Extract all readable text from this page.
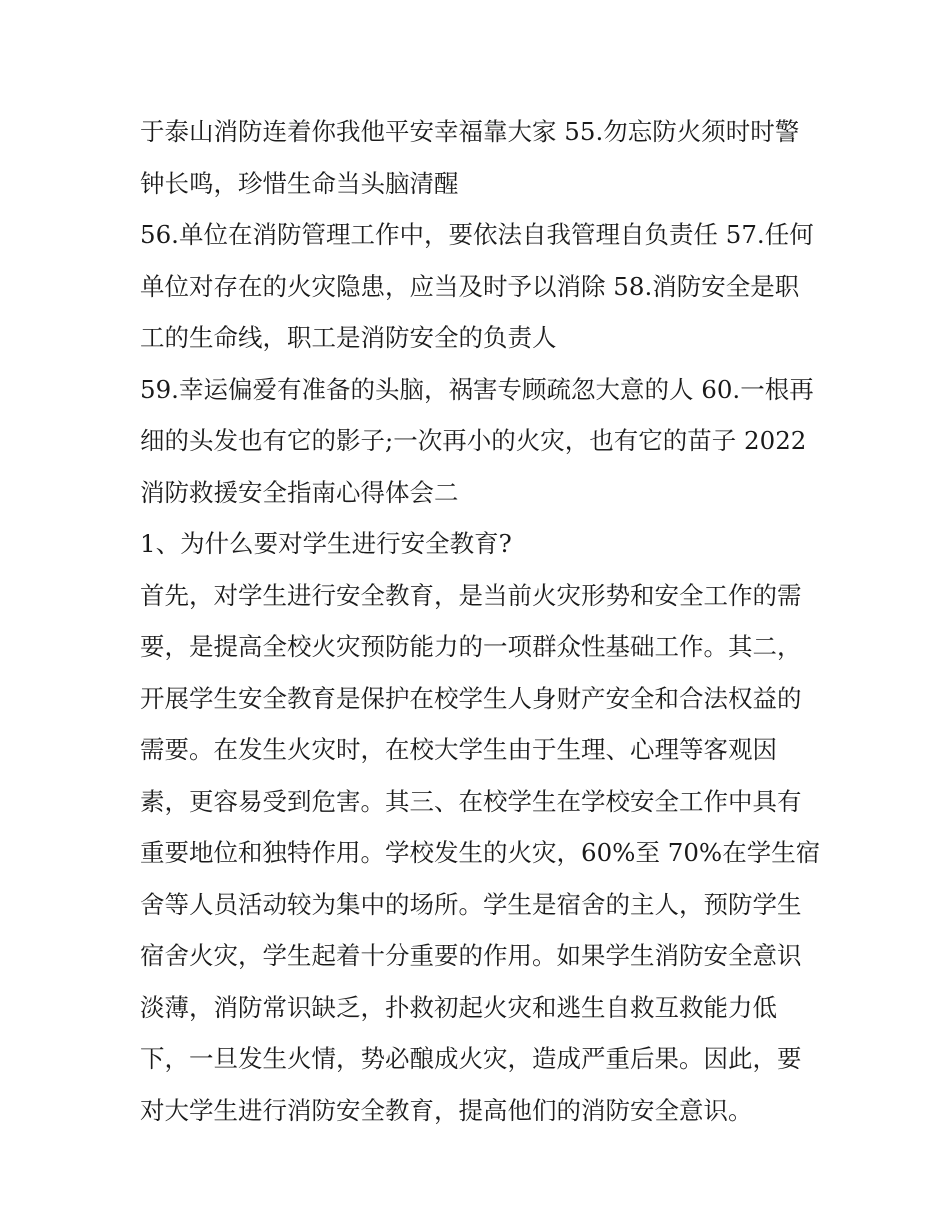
于泰山消防连着你我他平安幸福靠大家 55.勿忘防火须时时警
钟长鸣，珍惜生命当头脑清醒
56.单位在消防管理工作中，要依法自我管理自负责任 57.任何
单位对存在的火灾隐患，应当及时予以消除 58.消防安全是职
工的生命线，职工是消防安全的负责人
59.幸运偏爱有准备的头脑，祸害专顾疏忽大意的人 60.一根再
细的头发也有它的影子;一次再小的火灾，也有它的苗子 2022
消防救援安全指南心得体会二
1、为什么要对学生进行安全教育?
首先，对学生进行安全教育，是当前火灾形势和安全工作的需
要，是提高全校火灾预防能力的一项群众性基础工作。其二，
开展学生安全教育是保护在校学生人身财产安全和合法权益的
需要。在发生火灾时，在校大学生由于生理、心理等客观因
素，更容易受到危害。其三、在校学生在学校安全工作中具有
重要地位和独特作用。学校发生的火灾，60%至 70%在学生宿
舍等人员活动较为集中的场所。学生是宿舍的主人，预防学生
宿舍火灾，学生起着十分重要的作用。如果学生消防安全意识
淡薄，消防常识缺乏，扑救初起火灾和逃生自救互救能力低
下，一旦发生火情，势必酿成火灾，造成严重后果。因此，要
对大学生进行消防安全教育，提高他们的消防安全意识。
